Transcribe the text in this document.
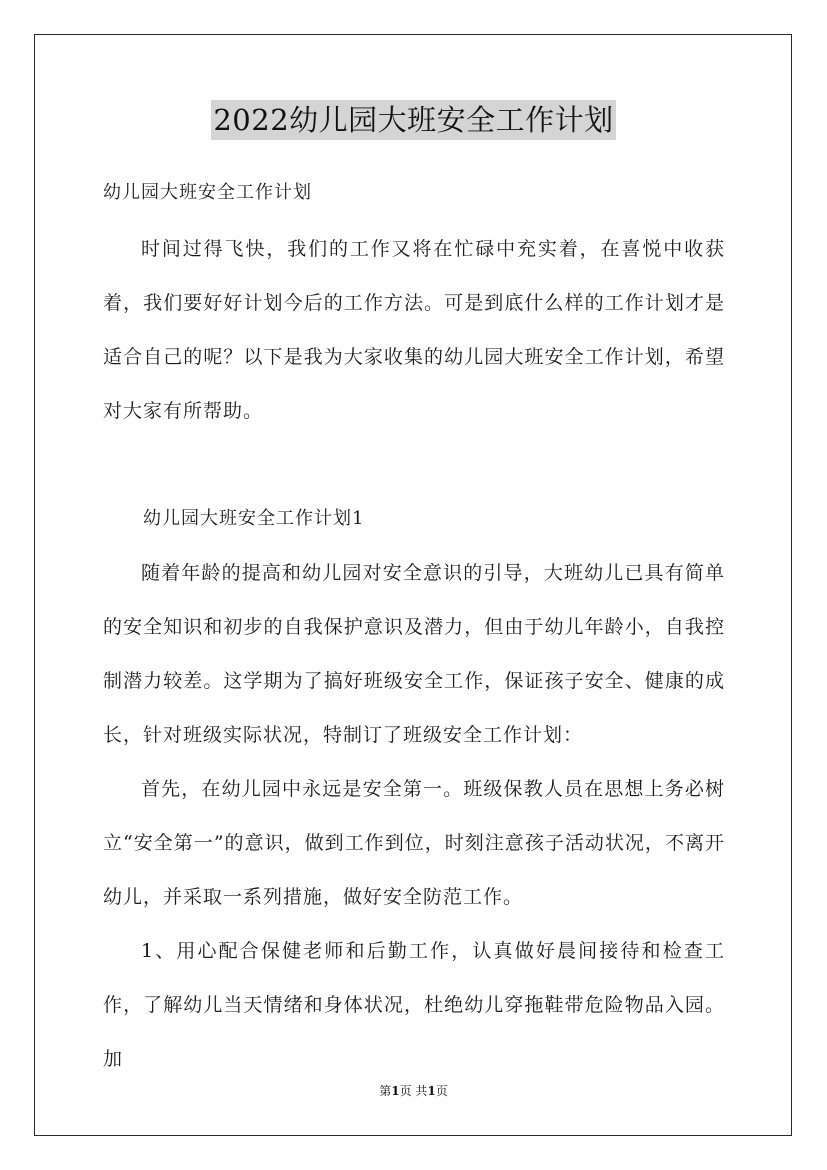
2022幼儿园大班安全工作计划
幼儿园大班安全工作计划

时间过得飞快，我们的工作又将在忙碌中充实着，在喜悦中收获着，我们要好好计划今后的工作方法。可是到底什么样的工作计划才是适合自己的呢？以下是我为大家收集的幼儿园大班安全工作计划，希望对大家有所帮助。

幼儿园大班安全工作计划1

随着年龄的提高和幼儿园对安全意识的引导，大班幼儿已具有简单的安全知识和初步的自我保护意识及潜力，但由于幼儿年龄小，自我控制潜力较差。这学期为了搞好班级安全工作，保证孩子安全、健康的成长，针对班级实际状况，特制订了班级安全工作计划：

首先，在幼儿园中永远是安全第一。班级保教人员在思想上务必树立“安全第一”的意识，做到工作到位，时刻注意孩子活动状况，不离开幼儿，并采取一系列措施，做好安全防范工作。

1、用心配合保健老师和后勤工作，认真做好晨间接待和检查工作，了解幼儿当天情绪和身体状况，杜绝幼儿穿拖鞋带危险物品入园。加

第1页 共1页
